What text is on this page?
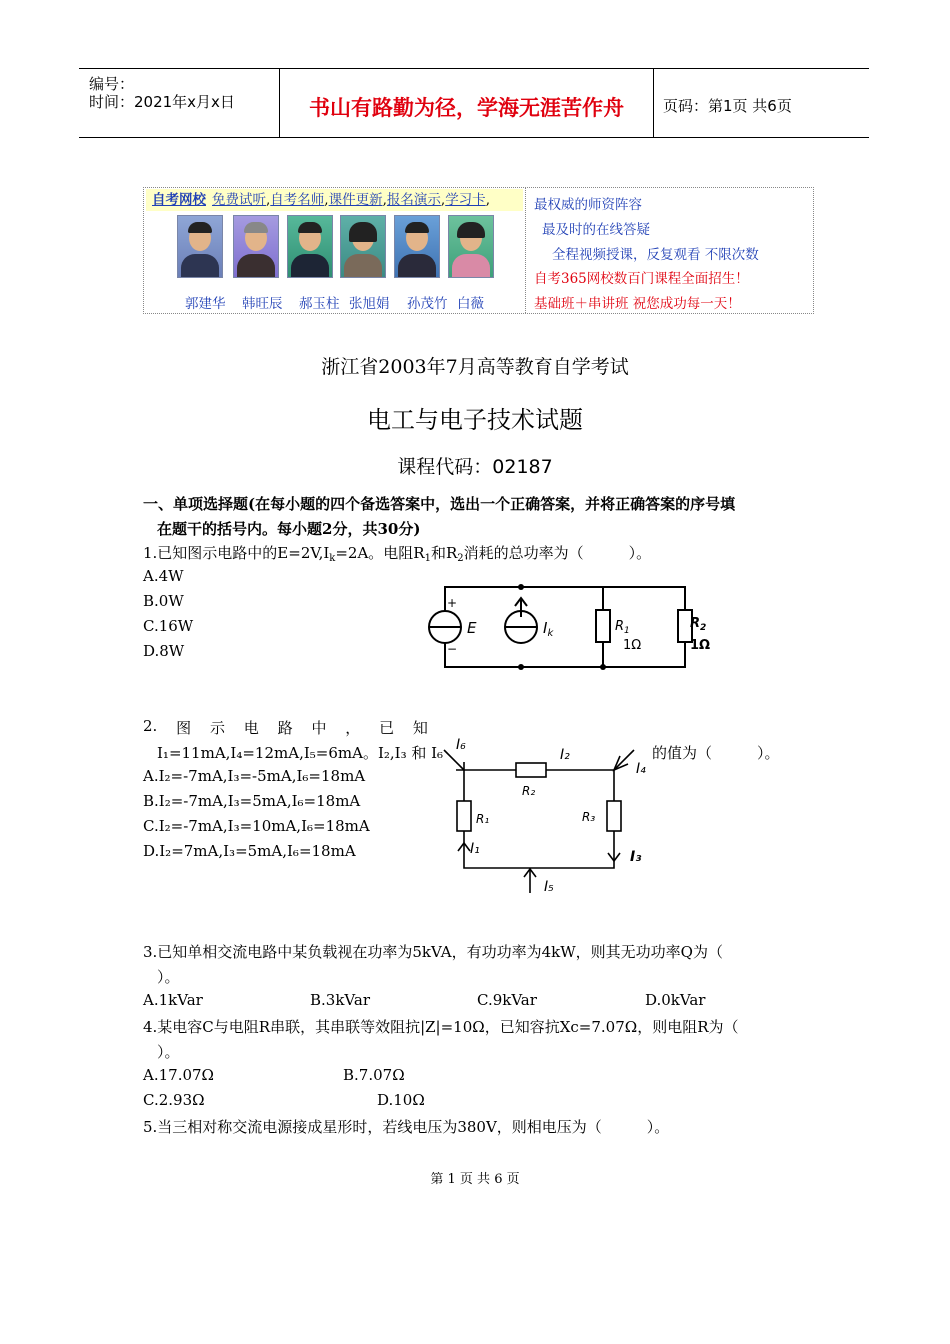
编号：
时间：2021年x月x日	书山有路勤为径，学海无涯苦作舟	页码：第1页 共6页
自考网校 免费试听,自考名师,课件更新,报名演示,学习卡,
郭建华 韩旺辰 郝玉柱 张旭娟 孙茂竹 白薇
最权威的师资阵容
最及时的在线答疑
全程视频授课，反复观看 不限次数
自考365网校数百门课程全面招生！
基础班＋串讲班 祝您成功每一天！
浙江省2003年7月高等教育自学考试
电工与电子技术试题
课程代码：02187
一、单项选择题(在每小题的四个备选答案中，选出一个正确答案，并将正确答案的序号填
在题干的括号内。每小题2分，共30分)
1.已知图示电路中的$E=2V,I_k=2A$。电阻$R_1$和$R_2$消耗的总功率为（　　　）。
A.4W
B.0W
C.16W
D.8W
+
−
E	$I_k$	$R_1$
1Ω
$R_2$
1Ω
2. 图 示 电 路 中 ， 已 知
I₁=11mA,I₄=12mA,I₅=6mA。I₂,I₃ 和 I₆	的值为（　　　）。
A.I₂=-7mA,I₃=-5mA,I₆=18mA
B.I₂=-7mA,I₃=5mA,I₆=18mA
C.I₂=-7mA,I₃=10mA,I₆=18mA
D.I₂=7mA,I₃=5mA,I₆=18mA
I₆
I₂
I₄
R₂
R₁	R₃
I₁	I₃
I₅
3.已知单相交流电路中某负载视在功率为5kVA，有功功率为4kW，则其无功功率Q为（
）。
A.1kVar	B.3kVar	C.9kVar	D.0kVar
4.某电容C与电阻R串联，其串联等效阻抗|Z|=10Ω，已知容抗Xc=7.07Ω，则电阻R为（
）。
A.17.07Ω	B.7.07Ω
C.2.93Ω	D.10Ω
5.当三相对称交流电源接成星形时，若线电压为380V，则相电压为（　　　）。
第 1 页 共 6 页
